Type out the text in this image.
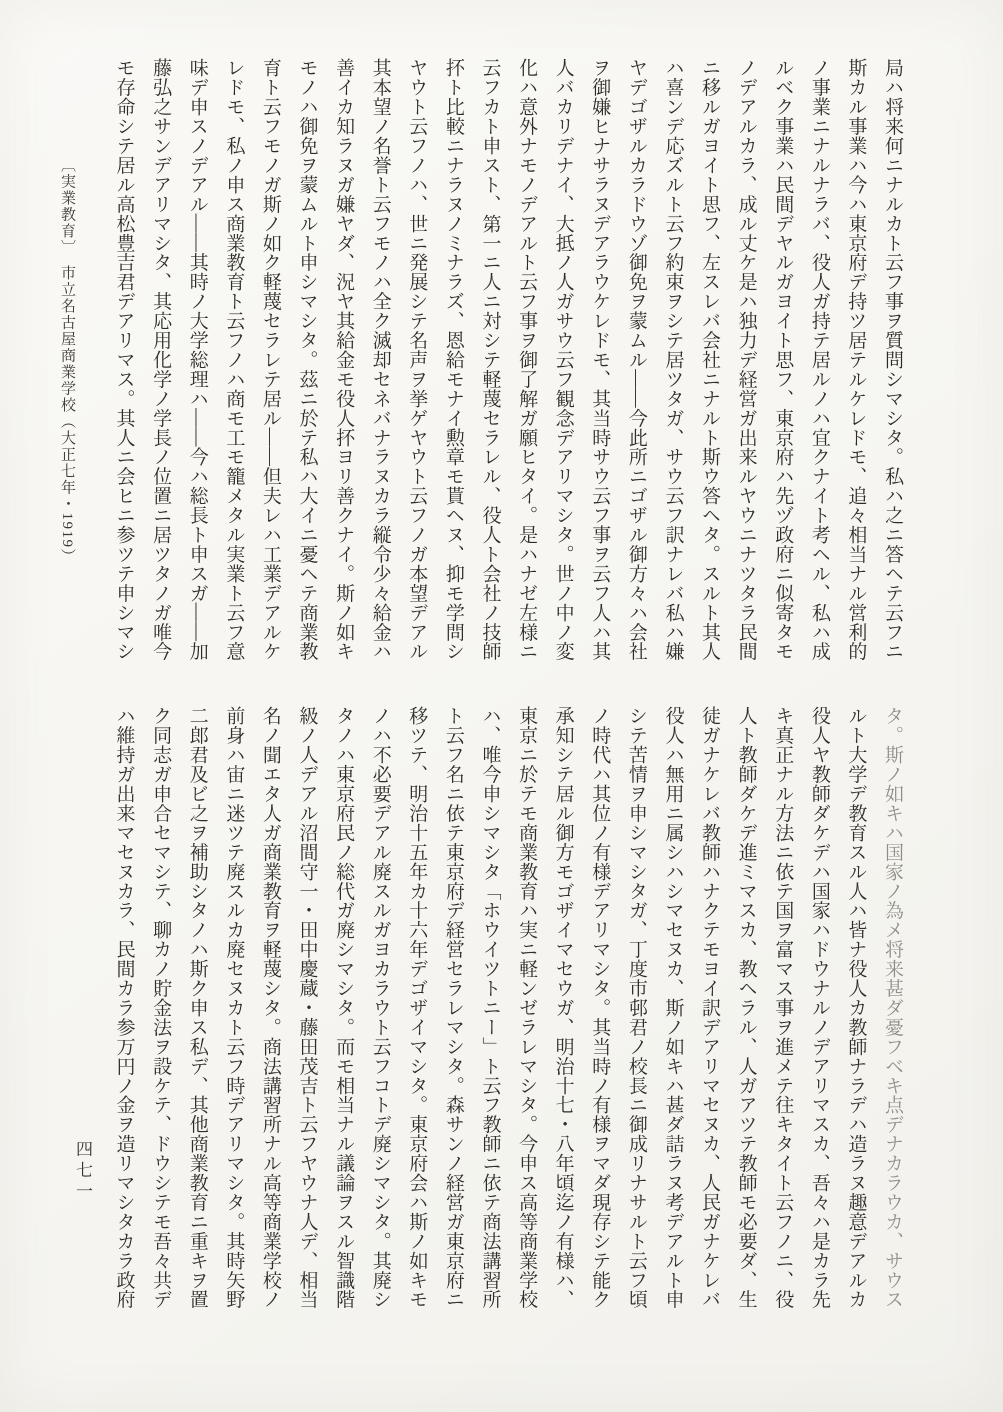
局ハ将来何ニナルカト云フ事ヲ質問シマシタ。私ハ之ニ答ヘテ云フニ

斯カル事業ハ今ハ東京府デ持ツ居テルケレドモ、追々相当ナル営利的

ノ事業ニナルナラバ、役人ガ持テ居ルノハ宜クナイト考ヘル、私ハ成

ルベク事業ハ民間デヤルガヨイト思フ、東京府ハ先ヅ政府ニ似寄タモ

ノデアルカラ、成ル丈ケ是ハ独力デ経営ガ出来ルヤウニナツタラ民間

ニ移ルガヨイト思フ、左スレバ会社ニナルト斯ウ答ヘタ。スルト其人

ハ喜ンデ応ズルト云フ約束ヲシテ居ツタガ、サウ云フ訳ナレバ私ハ嫌

ヤデゴザルカラドウゾ御免ヲ蒙ムル――今此所ニゴザル御方々ハ会社

ヲ御嫌ヒナサラヌデアラウケレドモ、其当時サウ云フ事ヲ云フ人ハ其

人バカリデナイ、大抵ノ人ガサウ云フ観念デアリマシタ。世ノ中ノ変

化ハ意外ナモノデアルト云フ事ヲ御了解ガ願ヒタイ。是ハナゼ左様ニ

云フカト申スト、第一ニ人ニ対シテ軽蔑セラレル、役人ト会社ノ技師

抔ト比較ニナラヌノミナラズ、恩給モナイ勲章モ貰ヘヌ、抑モ学問シ

ヤウト云フノハ、世ニ発展シテ名声ヲ挙ゲヤウト云フノガ本望デアル

其本望ノ名誉ト云フモノハ全ク滅却セネバナラヌカラ縦令少々給金ハ

善イカ知ラヌガ嫌ヤダ、況ヤ其給金モ役人抔ヨリ善クナイ。斯ノ如キ

モノハ御免ヲ蒙ムルト申シマシタ。茲ニ於テ私ハ大イニ憂ヘテ商業教

育ト云フモノガ斯ノ如ク軽蔑セラレテ居ル――但夫レハ工業デアルケ

レドモ、私ノ申ス商業教育ト云フノハ商モ工モ籠メタル実業ト云フ意

味デ申スノデアル――其時ノ大学総理ハ――今ハ総長ト申スガ――加

藤弘之サンデアリマシタ、其応用化学ノ学長ノ位置ニ居ツタノガ唯今

モ存命シテ居ル高松豊吉君デアリマス。其人ニ会ヒニ参ツテ申シマシ

〔実業教育〕　市立名古屋商業学校（大正七年・1919）

タ。斯ノ如キハ国家ノ為メ将来甚ダ憂フベキ点デナカラウカ、サウス

ルト大学デ教育スル人ハ皆ナ役人カ教師ナラデハ造ラヌ趣意デアルカ

役人ヤ教師ダケデハ国家ハドウナルノデアリマスカ、吾々ハ是カラ先

キ真正ナル方法ニ依テ国ヲ富マス事ヲ進メテ往キタイト云フノニ、役

人ト教師ダケデ進ミマスカ、教ヘラル、人ガアツテ教師モ必要ダ、生

徒ガナケレバ教師ハナクテモヨイ訳デアリマセヌカ、人民ガナケレバ

役人ハ無用ニ属シハシマセヌカ、斯ノ如キハ甚ダ詰ラヌ考デアルト申

シテ苦情ヲ申シマシタガ、丁度市邨君ノ校長ニ御成リナサルト云フ頃

ノ時代ハ其位ノ有様デアリマシタ。其当時ノ有様ヲマダ現存シテ能ク

承知シテ居ル御方モゴザイマセウガ、明治十七・八年頃迄ノ有様ハ、

東京ニ於テモ商業教育ハ実ニ軽ンゼラレマシタ。今申ス高等商業学校

ハ、唯今申シマシタ「ホウイツトニー」ト云フ教師ニ依テ商法講習所

ト云フ名ニ依テ東京府デ経営セラレマシタ。森サンノ経営ガ東京府ニ

移ツテ、明治十五年カ十六年デゴザイマシタ。東京府会ハ斯ノ如キモ

ノハ不必要デアル廃スルガヨカラウト云フコトデ廃シマシタ。其廃シ

タノハ東京府民ノ総代ガ廃シマシタ。而モ相当ナル議論ヲスル智識階

級ノ人デアル沼間守一・田中慶蔵・藤田茂吉ト云フヤウナ人デ、相当

名ノ聞エタ人ガ商業教育ヲ軽蔑シタ。商法講習所ナル高等商業学校ノ

前身ハ宙ニ迷ツテ廃スルカ廃セヌカト云フ時デアリマシタ。其時矢野

二郎君及ビ之ヲ補助シタノハ斯ク申ス私デ、其他商業教育ニ重キヲ置

ク同志ガ申合セマシテ、聊カノ貯金法ヲ設ケテ、ドウシテモ吾々共デ

ハ維持ガ出来マセヌカラ、民間カラ参万円ノ金ヲ造リマシタカラ政府

四七一
